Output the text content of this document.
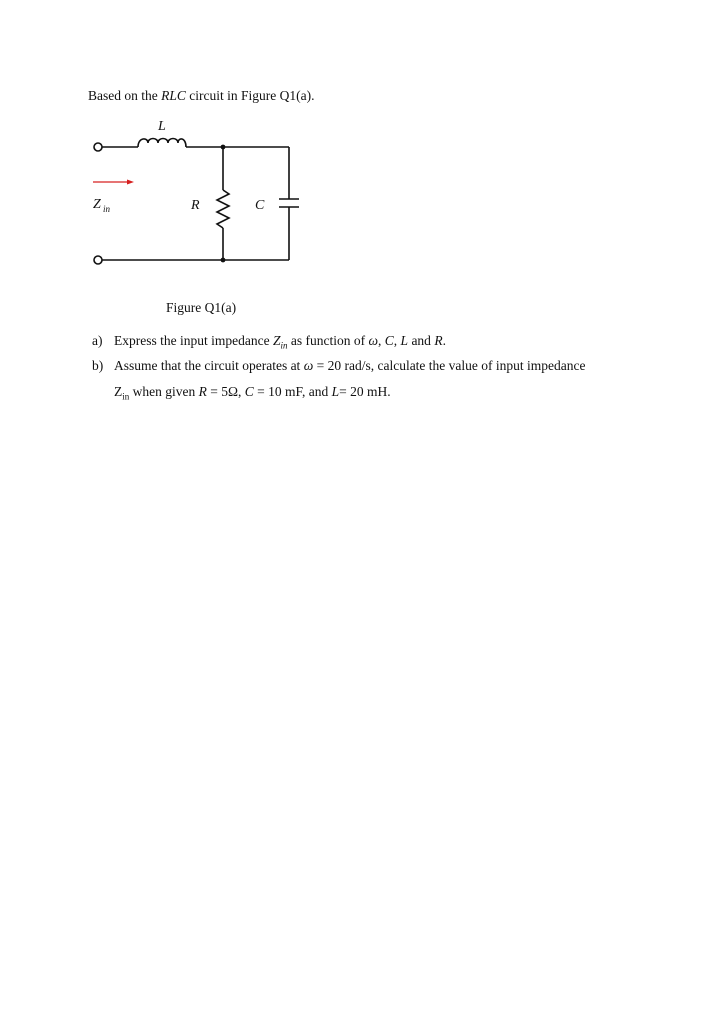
Based on the RLC circuit in Figure Q1(a).
L
R	C
Z in
Figure Q1(a)
a) Express the input impedance $Z_{in}$ as function of ω, C, L and R.
b) Assume that the circuit operates at ω = 20 rad/s, calculate the value of input impedance
$Z_{in}$ when given R = 5Ω, C = 10 mF, and L= 20 mH.
